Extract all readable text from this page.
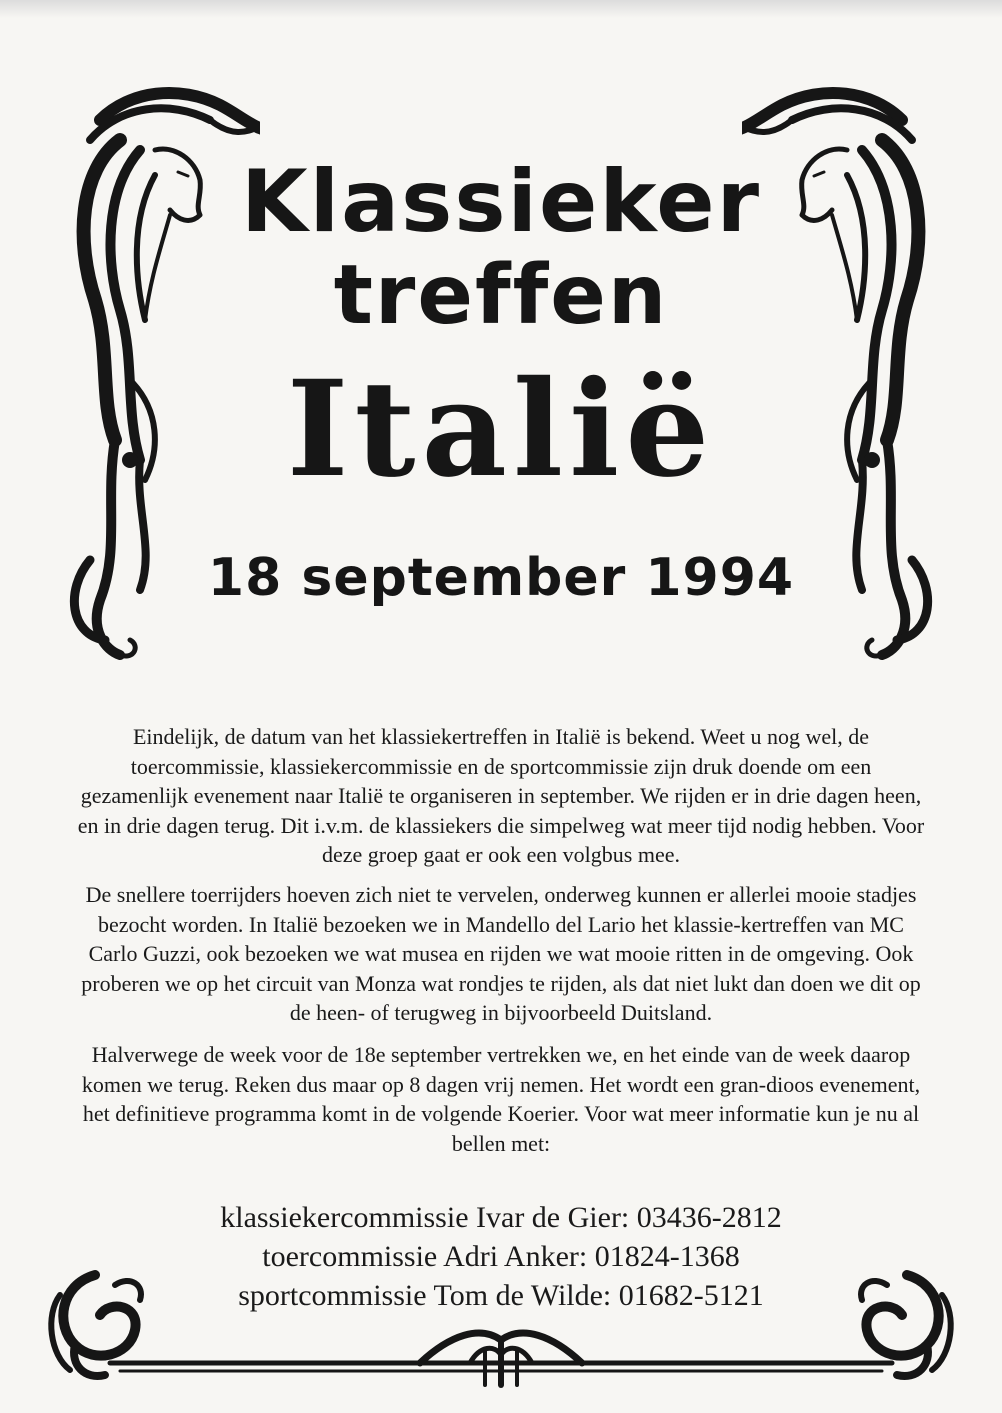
Klassieker
treffen
Italië
18 september 1994
Eindelijk, de datum van het klassiekertreffen in Italië is bekend. Weet u nog wel, de toercommissie, klassiekercommissie en de sportcommissie zijn druk doende om een gezamenlijk evenement naar Italië te organiseren in september. We rijden er in drie dagen heen, en in drie dagen terug. Dit i.v.m. de klassiekers die simpelweg wat meer tijd nodig hebben. Voor deze groep gaat er ook een volgbus mee.
De snellere toerrijders hoeven zich niet te vervelen, onderweg kunnen er allerlei mooie stadjes bezocht worden. In Italië bezoeken we in Mandello del Lario het klassie-kertreffen van MC Carlo Guzzi, ook bezoeken we wat musea en rijden we wat mooie ritten in de omgeving. Ook proberen we op het circuit van Monza wat rondjes te rijden, als dat niet lukt dan doen we dit op de heen- of terugweg in bijvoorbeeld Duitsland.
Halverwege de week voor de 18e september vertrekken we, en het einde van de week daarop komen we terug. Reken dus maar op 8 dagen vrij nemen. Het wordt een gran-dioos evenement, het definitieve programma komt in de volgende Koerier. Voor wat meer informatie kun je nu al bellen met:
klassiekercommissie Ivar de Gier: 03436-2812
toercommissie Adri Anker: 01824-1368
sportcommissie Tom de Wilde: 01682-5121
